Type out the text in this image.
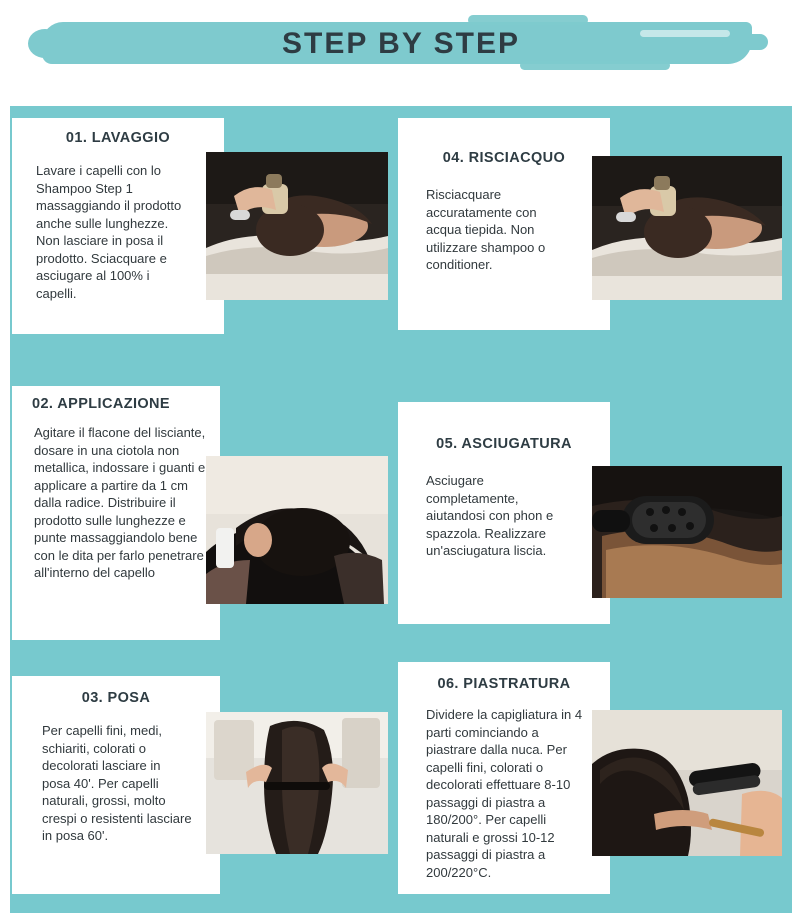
STEP BY STEP
01. LAVAGGIO
Lavare i capelli con lo Shampoo Step 1 massaggiando il prodotto anche sulle lunghezze. Non lasciare in posa il prodotto. Sciacquare e asciugare al 100% i capelli.
02. APPLICAZIONE
Agitare il flacone del lisciante, dosare in una ciotola non metallica, indossare i guanti e applicare a partire da 1 cm dalla radice. Distribuire il prodotto sulle lunghezze e punte massaggiandolo bene con le dita per farlo penetrare all'interno del capello
03. POSA
Per capelli fini, medi, schiariti, colorati o decolorati lasciare in posa 40'. Per capelli naturali, grossi, molto crespi o resistenti lasciare in posa 60'.
04. RISCIACQUO
Risciacquare accuratamente con acqua tiepida. Non utilizzare shampoo o conditioner.
05. ASCIUGATURA
Asciugare completamente, aiutandosi con phon e spazzola. Realizzare un'asciugatura liscia.
06. PIASTRATURA
Dividere la capigliatura in 4 parti cominciando a piastrare dalla nuca. Per capelli fini, colorati o decolorati effettuare 8-10 passaggi di piastra a 180/200°. Per capelli naturali e grossi 10-12 passaggi di piastra a 200/220°C.
